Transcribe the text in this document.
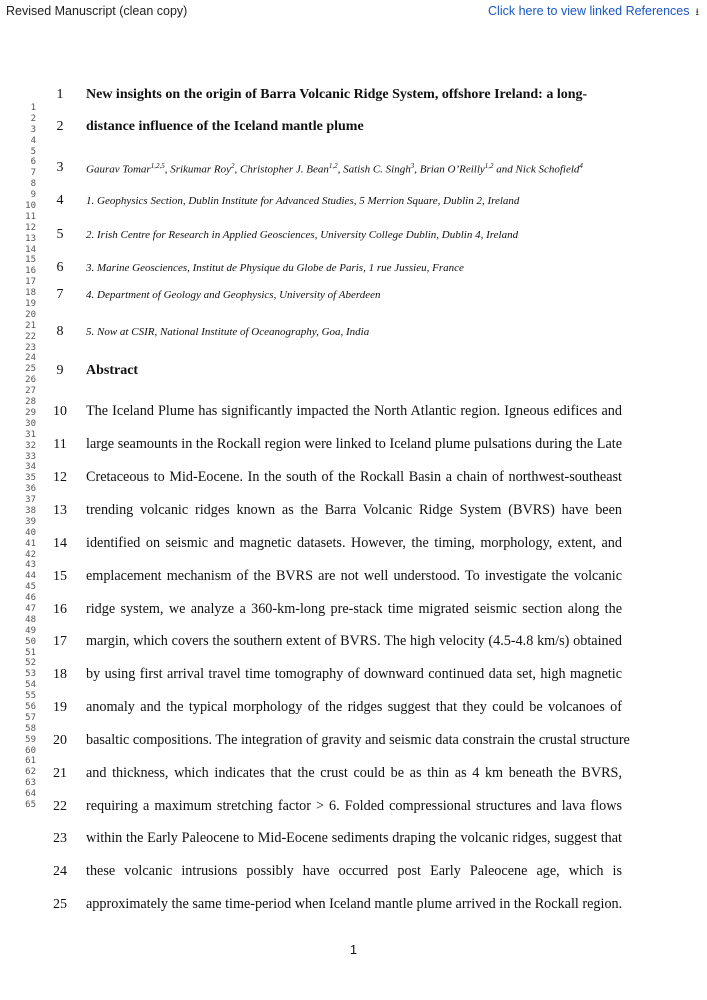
Revised Manuscript (clean copy)	Click here to view linked References ⭳
1
2
3
4
5
6
7
8
9
10
11
12
13
14
15
16
17
18
19
20
21
22
23
24
25
26
27
28
29
30
31
32
33
34
35
36
37
38
39
40
41
42
43
44
45
46
47
48
49
50
51
52
53
54
55
56
57
58
59
60
61
62
63
64
65
1	New insights on the origin of Barra Volcanic Ridge System, offshore Ireland: a long-
2	distance influence of the Iceland mantle plume
3	Gaurav Tomar$^{1,2,5}$, Srikumar Roy$^2$, Christopher J. Bean$^{1,2}$, Satish C. Singh$^3$, Brian O’Reilly$^{1,2}$ and Nick Schofield$^4$
4	1. Geophysics Section, Dublin Institute for Advanced Studies, 5 Merrion Square, Dublin 2, Ireland
5	2. Irish Centre for Research in Applied Geosciences, University College Dublin, Dublin 4, Ireland
6	3. Marine Geosciences, Institut de Physique du Globe de Paris, 1 rue Jussieu, France
7	4. Department of Geology and Geophysics, University of Aberdeen
8	5. Now at CSIR, National Institute of Oceanography, Goa, India
9	Abstract
10 The Iceland Plume has significantly impacted the North Atlantic region. Igneous edifices and
11 large seamounts in the Rockall region were linked to Iceland plume pulsations during the Late
12 Cretaceous to Mid-Eocene. In the south of the Rockall Basin a chain of northwest-southeast
13 trending volcanic ridges known as the Barra Volcanic Ridge System (BVRS) have been
14 identified on seismic and magnetic datasets. However, the timing, morphology, extent, and
15 emplacement mechanism of the BVRS are not well understood. To investigate the volcanic
16 ridge system, we analyze a 360-km-long pre-stack time migrated seismic section along the
17 margin, which covers the southern extent of BVRS. The high velocity (4.5-4.8 km/s) obtained
18 by using first arrival travel time tomography of downward continued data set, high magnetic
19 anomaly and the typical morphology of the ridges suggest that they could be volcanoes of
20 basaltic compositions. The integration of gravity and seismic data constrain the crustal structure
21 and thickness, which indicates that the crust could be as thin as 4 km beneath the BVRS,
22 requiring a maximum stretching factor > 6. Folded compressional structures and lava flows
23 within the Early Paleocene to Mid-Eocene sediments draping the volcanic ridges, suggest that
24 these volcanic intrusions possibly have occurred post Early Paleocene age, which is
25 approximately the same time-period when Iceland mantle plume arrived in the Rockall region.
1
